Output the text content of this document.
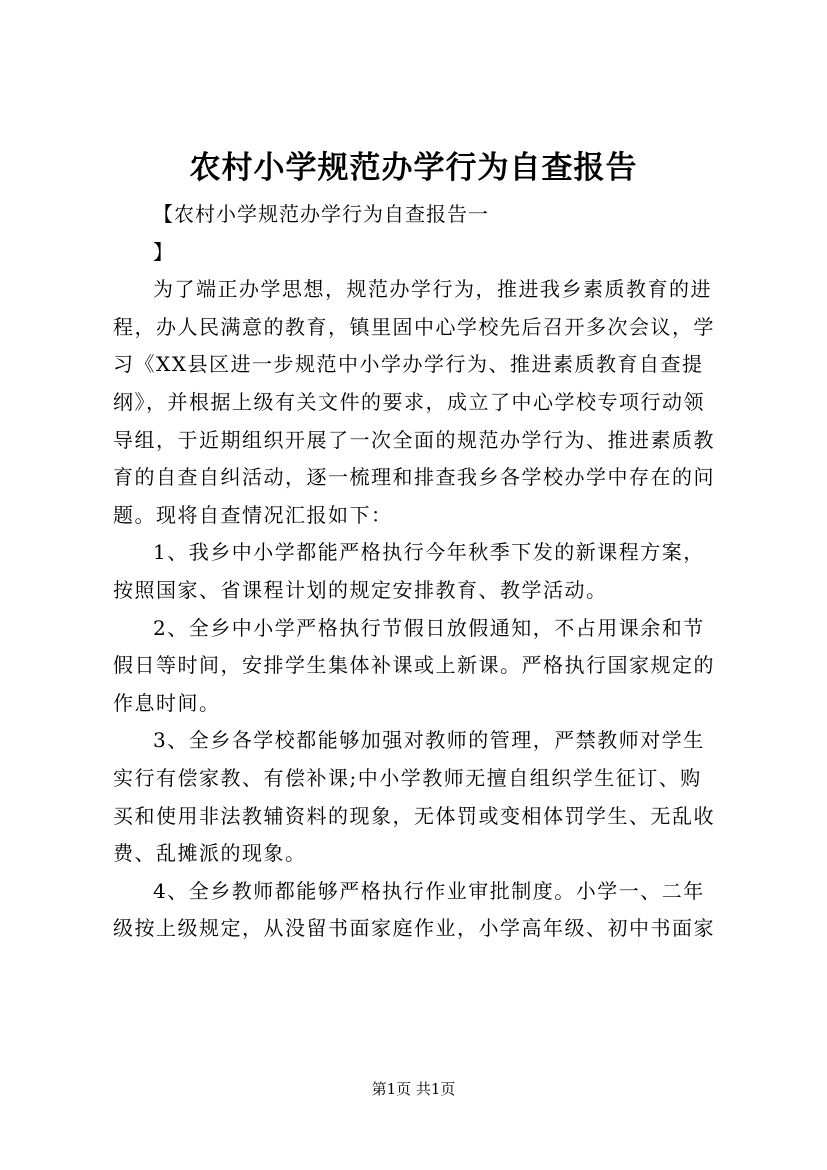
农村小学规范办学行为自查报告

【农村小学规范办学行为自查报告一

】

为了端正办学思想，规范办学行为，推进我乡素质教育的进
程，办人民满意的教育，镇里固中心学校先后召开多次会议，学
习《XX县区进一步规范中小学办学行为、推进素质教育自查提
纲》，并根据上级有关文件的要求，成立了中心学校专项行动领
导组，于近期组织开展了一次全面的规范办学行为、推进素质教
育的自查自纠活动，逐一梳理和排查我乡各学校办学中存在的问
题。现将自查情况汇报如下：

1、我乡中小学都能严格执行今年秋季下发的新课程方案，
按照国家、省课程计划的规定安排教育、教学活动。

2、全乡中小学严格执行节假日放假通知，不占用课余和节
假日等时间，安排学生集体补课或上新课。严格执行国家规定的
作息时间。

3、全乡各学校都能够加强对教师的管理，严禁教师对学生
实行有偿家教、有偿补课;中小学教师无擅自组织学生征订、购
买和使用非法教辅资料的现象，无体罚或变相体罚学生、无乱收
费、乱摊派的现象。

4、全乡教师都能够严格执行作业审批制度。小学一、二年
级按上级规定，从没留书面家庭作业，小学高年级、初中书面家

第1页 共1页
